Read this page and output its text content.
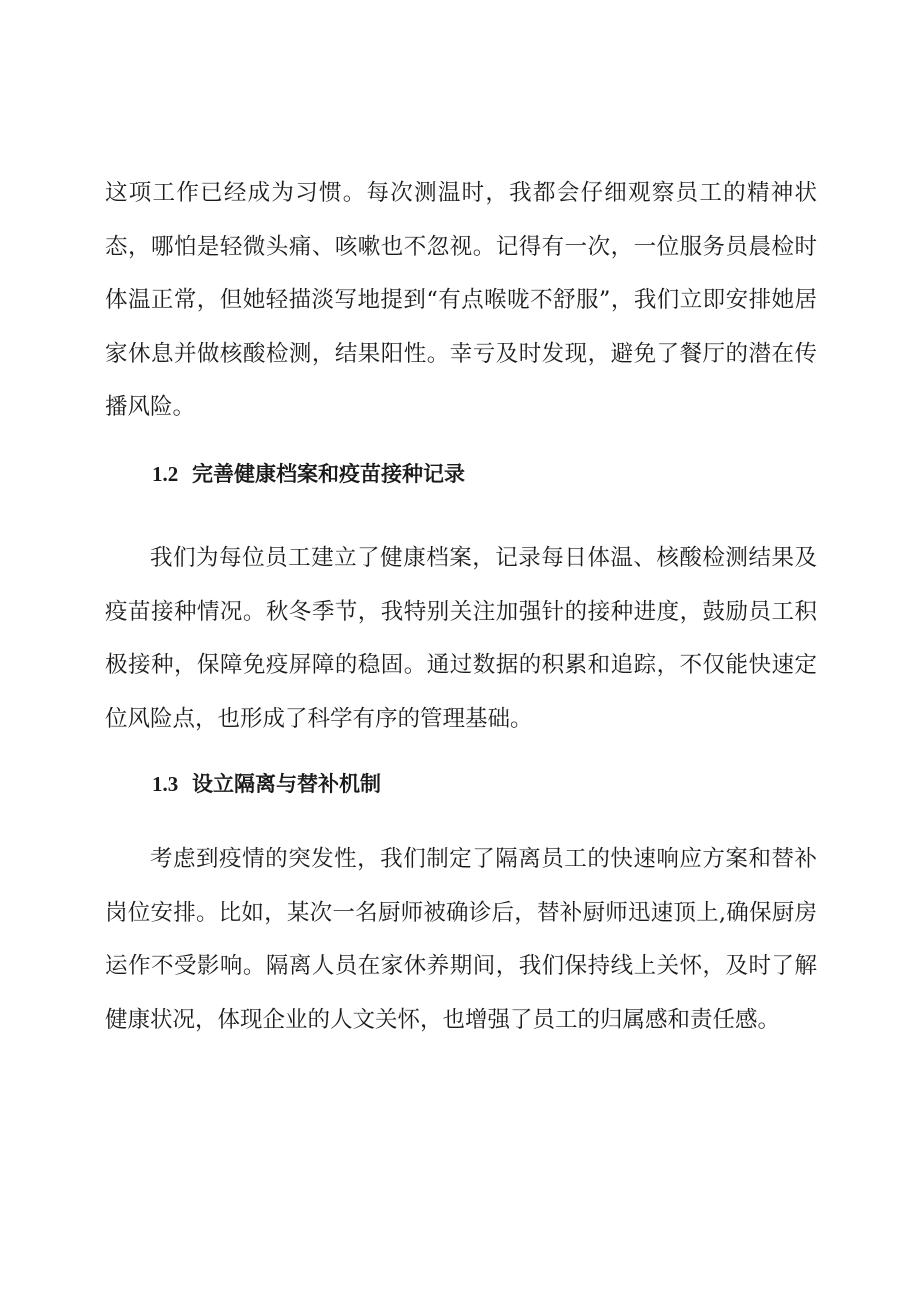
这项工作已经成为习惯。每次测温时，我都会仔细观察员工的精神状态，哪怕是轻微头痛、咳嗽也不忽视。记得有一次，一位服务员晨检时体温正常，但她轻描淡写地提到“有点喉咙不舒服”，我们立即安排她居家休息并做核酸检测，结果阳性。幸亏及时发现，避免了餐厅的潜在传播风险。

1.2 完善健康档案和疫苗接种记录

我们为每位员工建立了健康档案，记录每日体温、核酸检测结果及疫苗接种情况。秋冬季节，我特别关注加强针的接种进度，鼓励员工积极接种，保障免疫屏障的稳固。通过数据的积累和追踪，不仅能快速定位风险点，也形成了科学有序的管理基础。

1.3 设立隔离与替补机制

考虑到疫情的突发性，我们制定了隔离员工的快速响应方案和替补岗位安排。比如，某次一名厨师被确诊后，替补厨师迅速顶上,确保厨房运作不受影响。隔离人员在家休养期间，我们保持线上关怀，及时了解健康状况，体现企业的人文关怀，也增强了员工的归属感和责任感。
